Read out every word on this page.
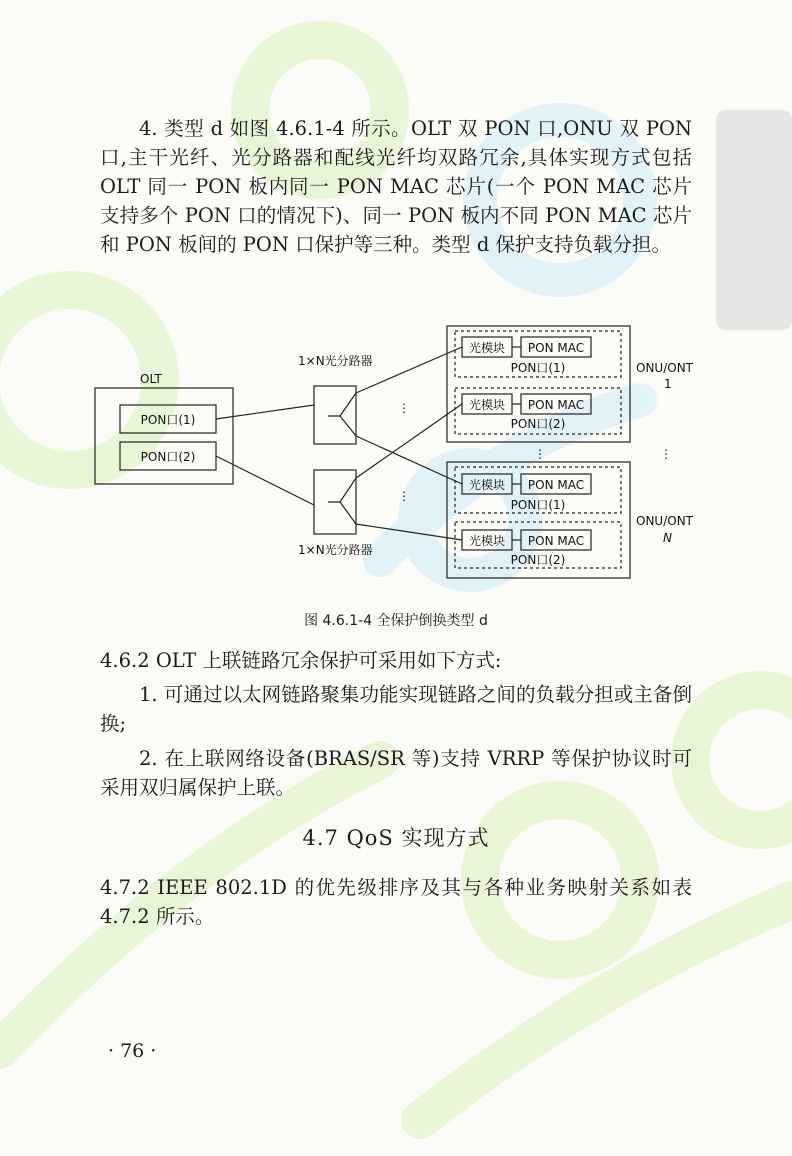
4. 类型 d 如图 4.6.1-4 所示。OLT 双 PON 口,ONU 双 PON 口,主干光纤、光分路器和配线光纤均双路冗余,具体实现方式包括 OLT 同一 PON 板内同一 PON MAC 芯片(一个 PON MAC 芯片支持多个 PON 口的情况下)、同一 PON 板内不同 PON MAC 芯片和 PON 板间的 PON 口保护等三种。类型 d 保护支持负载分担。

OLT
PON口(1)
PON口(2)
1×N光分路器
1×N光分路器
⋮
⋮
⋮	⋮
光模块 PON MAC
PON口(1)
光模块 PON MAC
PON口(2)
光模块 PON MAC
PON口(1)
光模块 PON MAC
PON口(2)
ONU/ONT
1
ONU/ONT
N
图 4.6.1-4 全保护倒换类型 d

4.6.2 OLT 上联链路冗余保护可采用如下方式:

1. 可通过以太网链路聚集功能实现链路之间的负载分担或主备倒换;

2. 在上联网络设备(BRAS/SR 等)支持 VRRP 等保护协议时可采用双归属保护上联。

4.7 QoS 实现方式

4.7.2 IEEE 802.1D 的优先级排序及其与各种业务映射关系如表 4.7.2 所示。

· 76 ·
